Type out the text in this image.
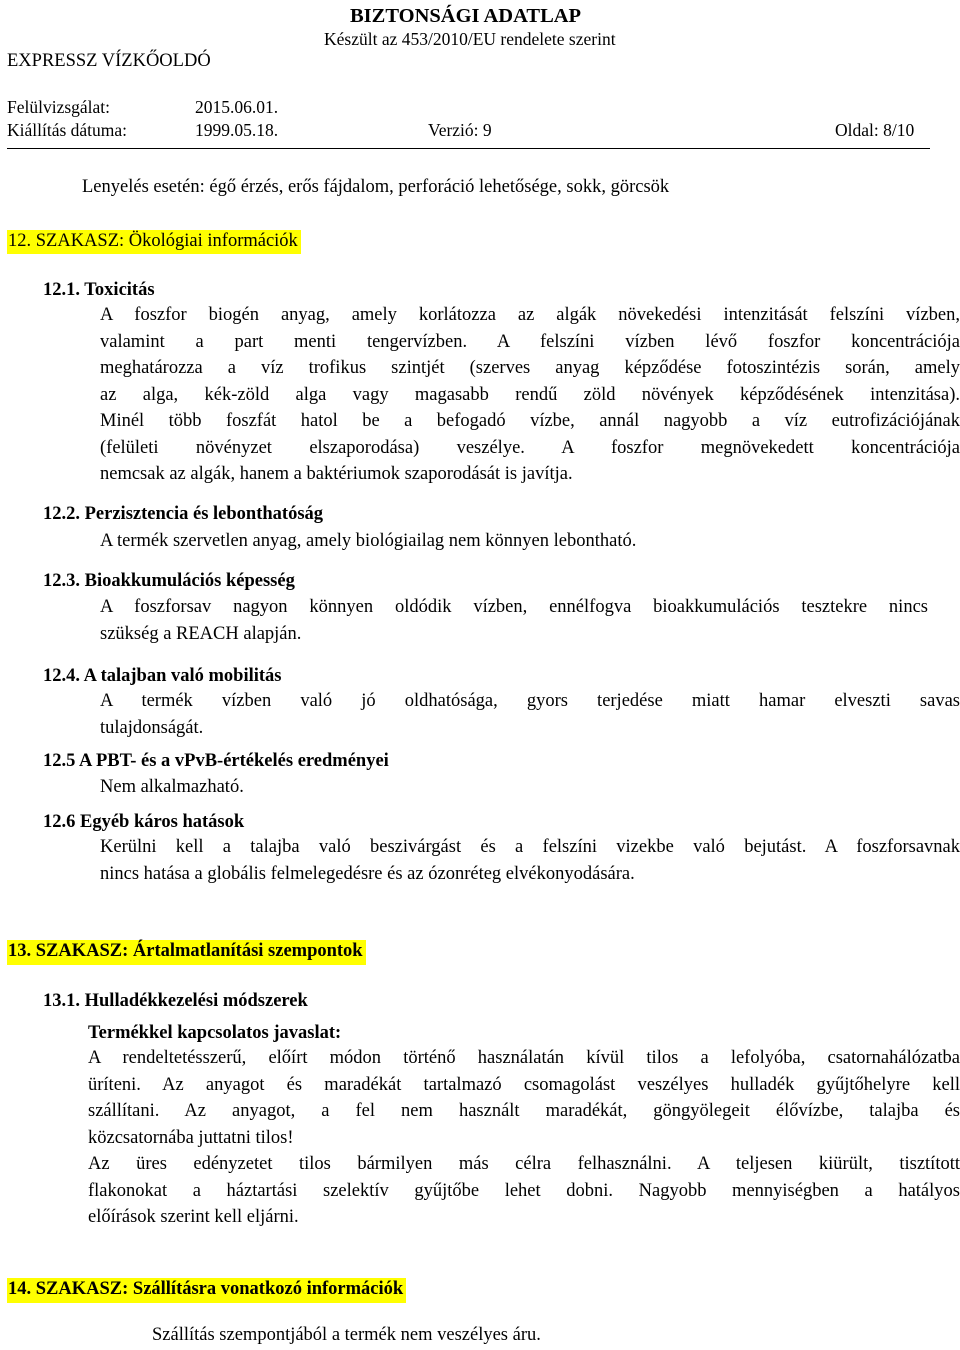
BIZTONSÁGI ADATLAP
EXPRESSZ VÍZKŐOLDÓ
Készült az 453/2010/EU rendelete szerint
Felülvizsgálat:	2015.06.01.
Kiállítás dátuma:	1999.05.18.	Verzió: 9	Oldal: 8/10
Lenyelés esetén: égő érzés, erős fájdalom, perforáció lehetősége, sokk, görcsök
12. SZAKASZ: Ökológiai információk
12.1. Toxicitás
A foszfor biogén anyag, amely korlátozza az algák növekedési intenzitását felszíni vízben,
valamint a part menti tengervízben. A felszíni vízben lévő foszfor koncentrációja
meghatározza a víz trofikus szintjét (szerves anyag képződése fotoszintézis során, amely
az alga, kék-zöld alga vagy magasabb rendű zöld növények képződésének intenzitása).
Minél több foszfát hatol be a befogadó vízbe, annál nagyobb a víz eutrofizációjának
(felületi növényzet elszaporodása) veszélye. A foszfor megnövekedett koncentrációja
nemcsak az algák, hanem a baktériumok szaporodását is javítja.
12.2. Perzisztencia és lebonthatóság
A termék szervetlen anyag, amely biológiailag nem könnyen lebontható.
12.3. Bioakkumulációs képesség
A foszforsav nagyon könnyen oldódik vízben, ennélfogva bioakkumulációs tesztekre nincs
szükség a REACH alapján.
12.4. A talajban való mobilitás
A termék vízben való jó oldhatósága, gyors terjedése miatt hamar elveszti savas
tulajdonságát.
12.5 A PBT- és a vPvB-értékelés eredményei
Nem alkalmazható.
12.6 Egyéb káros hatások
Kerülni kell a talajba való beszivárgást és a felszíni vizekbe való bejutást. A foszforsavnak
nincs hatása a globális felmelegedésre és az ózonréteg elvékonyodására.
13. SZAKASZ: Ártalmatlanítási szempontok
13.1. Hulladékkezelési módszerek
Termékkel kapcsolatos javaslat:
A rendeltetésszerű, előírt módon történő használatán kívül tilos a lefolyóba, csatornahálózatba
üríteni. Az anyagot és maradékát tartalmazó csomagolást veszélyes hulladék gyűjtőhelyre kell
szállítani. Az anyagot, a fel nem használt maradékát, göngyölegeit élővízbe, talajba és
közcsatornába juttatni tilos!
Az üres edényzetet tilos bármilyen más célra felhasználni. A teljesen kiürült, tisztított
flakonokat a háztartási szelektív gyűjtőbe lehet dobni. Nagyobb mennyiségben a hatályos
előírások szerint kell eljárni.
14. SZAKASZ: Szállításra vonatkozó információk
Szállítás szempontjából a termék nem veszélyes áru.
